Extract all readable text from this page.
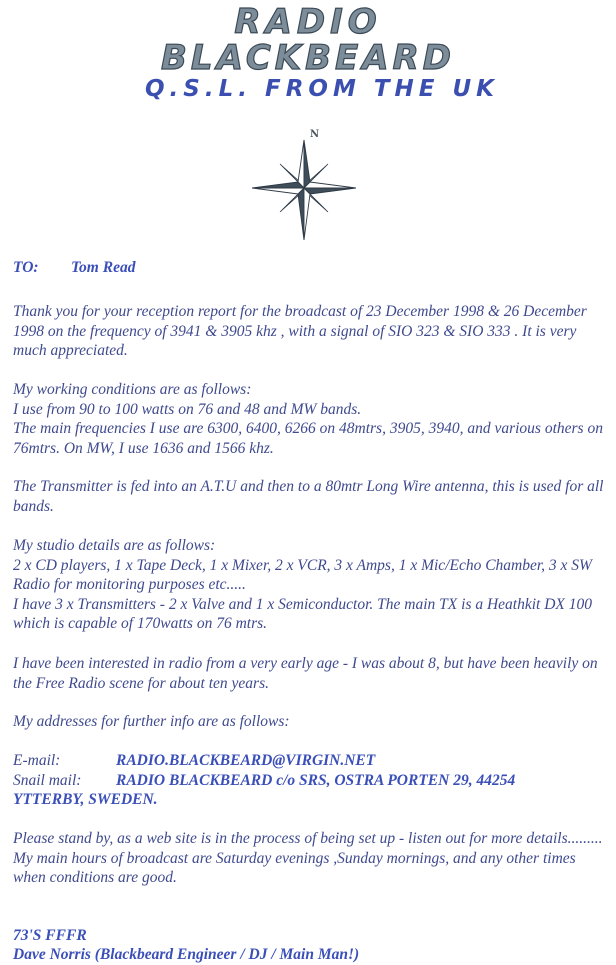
RADIO
BLACKBEARD
Q.S.L. FROM THE UK
N
TO: Tom Read

Thank you for your reception report for the broadcast of 23 December 1998 & 26 December 1998 on the frequency of 3941 & 3905 khz , with a signal of SIO 323 & SIO 333 . It is very much appreciated.

My working conditions are as follows:
I use from 90 to 100 watts on 76 and 48 and MW bands.
The main frequencies I use are 6300, 6400, 6266 on 48mtrs, 3905, 3940, and various others on 76mtrs. On MW, I use 1636 and 1566 khz.

The Transmitter is fed into an A.T.U and then to a 80mtr Long Wire antenna, this is used for all bands.

My studio details are as follows:
2 x CD players, 1 x Tape Deck, 1 x Mixer, 2 x VCR, 3 x Amps, 1 x Mic/Echo Chamber, 3 x SW Radio for monitoring purposes etc.....
I have 3 x Transmitters - 2 x Valve and 1 x Semiconductor. The main TX is a Heathkit DX 100 which is capable of 170watts on 76 mtrs.

I have been interested in radio from a very early age - I was about 8, but have been heavily on the Free Radio scene for about ten years.

My addresses for further info are as follows:

E-mail:	RADIO.BLACKBEARD@VIRGIN.NET
Snail mail: RADIO BLACKBEARD c/o SRS, OSTRA PORTEN 29, 44254
YTTERBY, SWEDEN.
Please stand by, as a web site is in the process of being set up - listen out for more details.........
My main hours of broadcast are Saturday evenings ,Sunday mornings, and any other times when conditions are good.
73'S FFFR
Dave Norris (Blackbeard Engineer / DJ / Main Man!)
